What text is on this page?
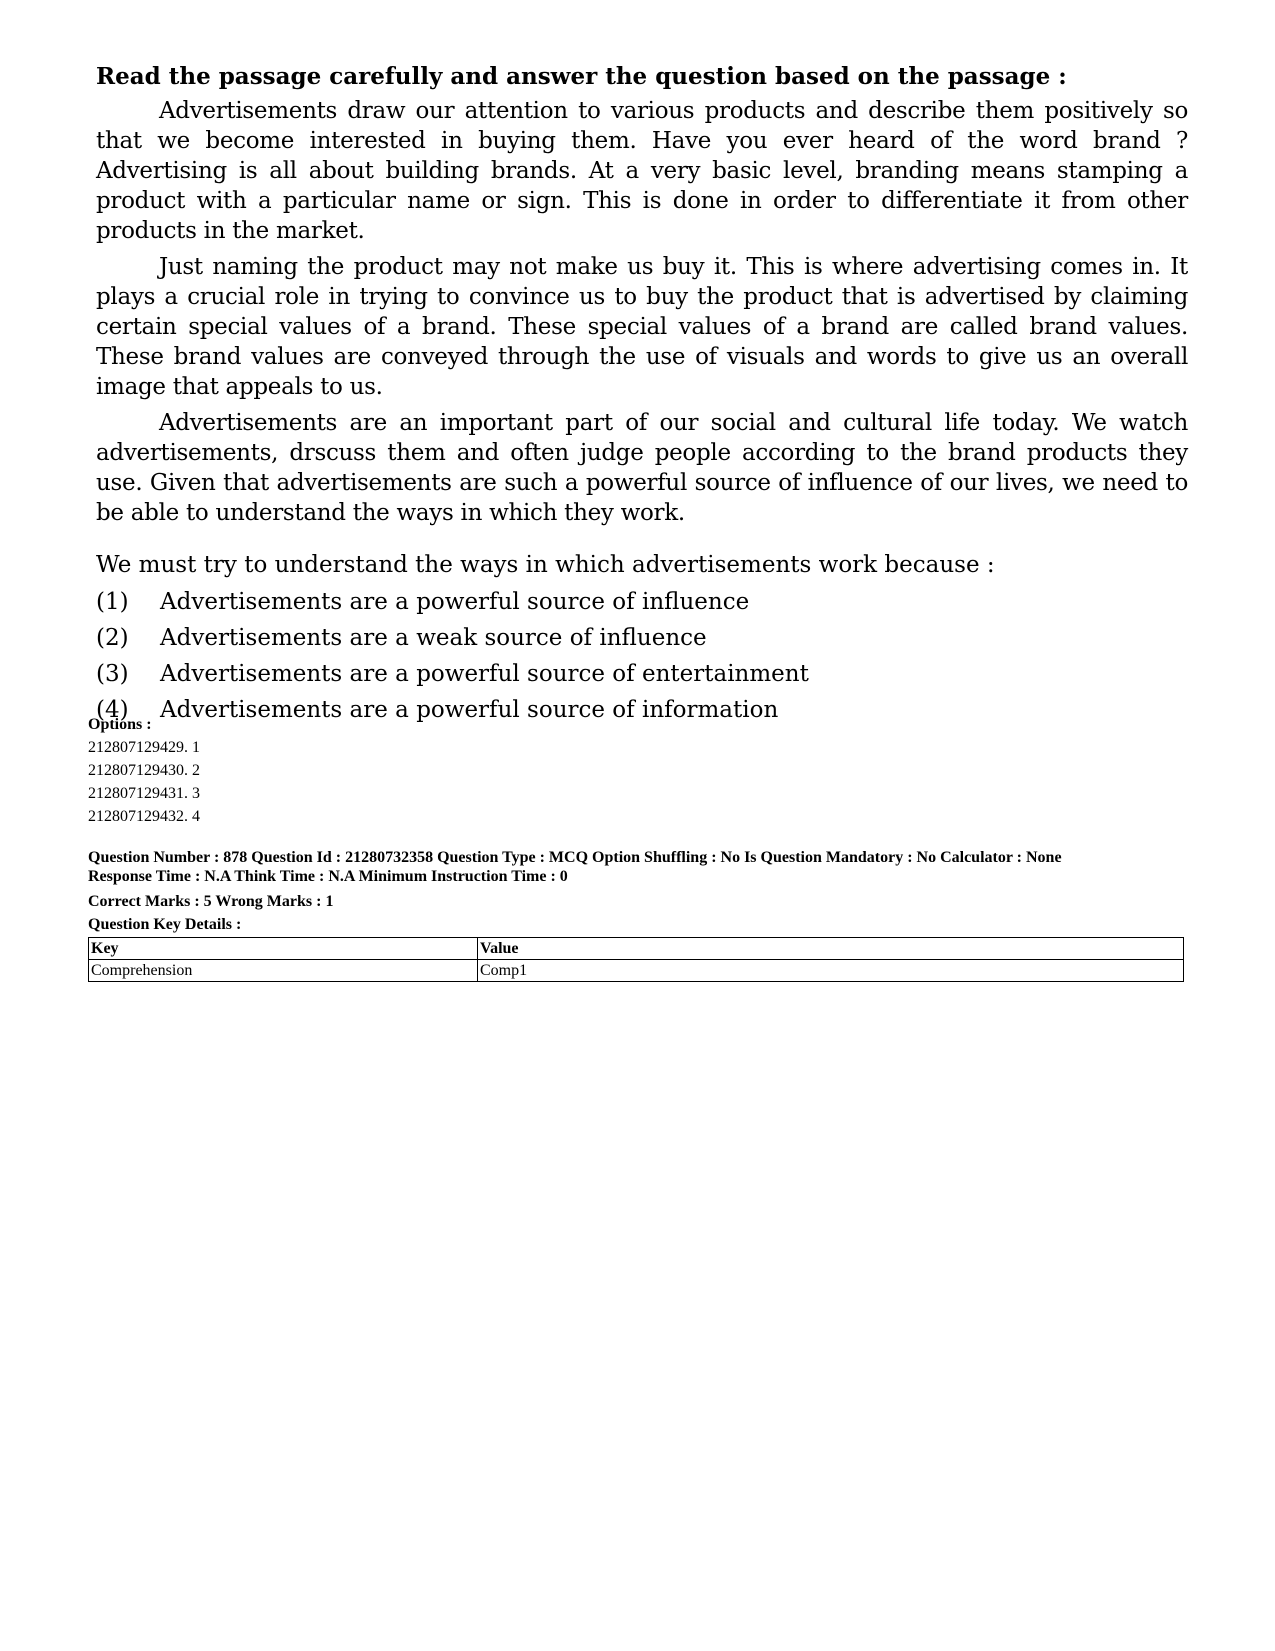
Read the passage carefully and answer the question based on the passage :

Advertisements draw our attention to various products and describe them positively so that we become interested in buying them. Have you ever heard of the word brand ? Advertising is all about building brands. At a very basic level, branding means stamping a product with a particular name or sign. This is done in order to differentiate it from other products in the market.

Just naming the product may not make us buy it. This is where advertising comes in. It plays a crucial role in trying to convince us to buy the product that is advertised by claiming certain special values of a brand. These special values of a brand are called brand values. These brand values are conveyed through the use of visuals and words to give us an overall image that appeals to us.

Advertisements are an important part of our social and cultural life today. We watch advertisements, drscuss them and often judge people according to the brand products they use. Given that advertisements are such a powerful source of influence of our lives, we need to be able to understand the ways in which they work.

We must try to understand the ways in which advertisements work because :
(1)	Advertisements are a powerful source of influence
(2)	Advertisements are a weak source of influence
(3)	Advertisements are a powerful source of entertainment
(4)	Advertisements are a powerful source of information
Options :
212807129429. 1
212807129430. 2
212807129431. 3
212807129432. 4
Question Number : 878 Question Id : 21280732358 Question Type : MCQ Option Shuffling : No Is Question Mandatory : No Calculator : None
Response Time : N.A Think Time : N.A Minimum Instruction Time : 0
Correct Marks : 5 Wrong Marks : 1
Question Key Details :
Key	Value
Comprehension	Comp1
